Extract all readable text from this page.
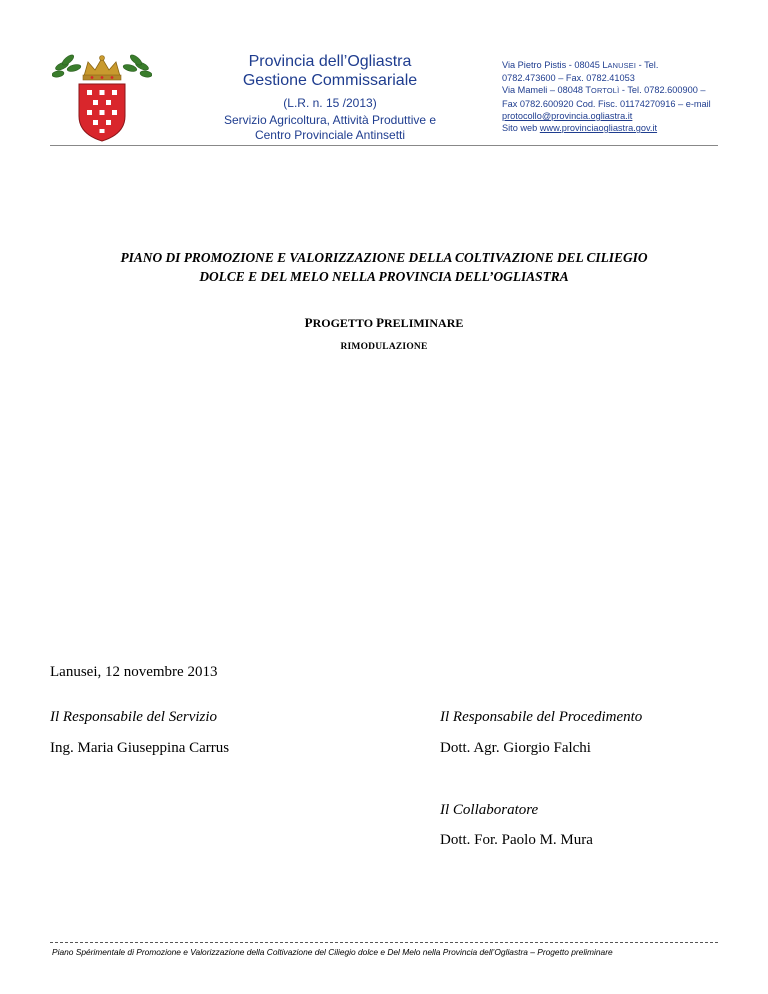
Provincia dell’Ogliastra
Gestione Commissariale
(L.R. n. 15 /2013)
Servizio Agricoltura, Attività Produttive e
Centro Provinciale Antinsetti
Via Pietro Pistis - 08045 LANUSEI - Tel.
0782.473600 – Fax. 0782.41053
Via Mameli – 08048 TORTOLÌ - Tel. 0782.600900 –
Fax 0782.600920 Cod. Fisc. 01174270916 – e-mail
protocollo@provincia.ogliastra.it
Sito web www.provinciaogliastra.gov.it
PIANO DI PROMOZIONE E VALORIZZAZIONE DELLA COLTIVAZIONE DEL CILIEGIO
DOLCE E DEL MELO NELLA PROVINCIA DELL’OGLIASTRA
PROGETTO PRELIMINARE
RIMODULAZIONE
Lanusei, 12 novembre 2013
Il Responsabile del Servizio
Ing. Maria Giuseppina Carrus
Il Responsabile del Procedimento
Dott. Agr. Giorgio Falchi
Il Collaboratore
Dott. For. Paolo M. Mura
Piano Spérimentale di Promozione e Valorizzazione della Coltivazione del Ciliegio dolce e Del Melo nella Provincia dell’Ogliastra – Progetto preliminare
